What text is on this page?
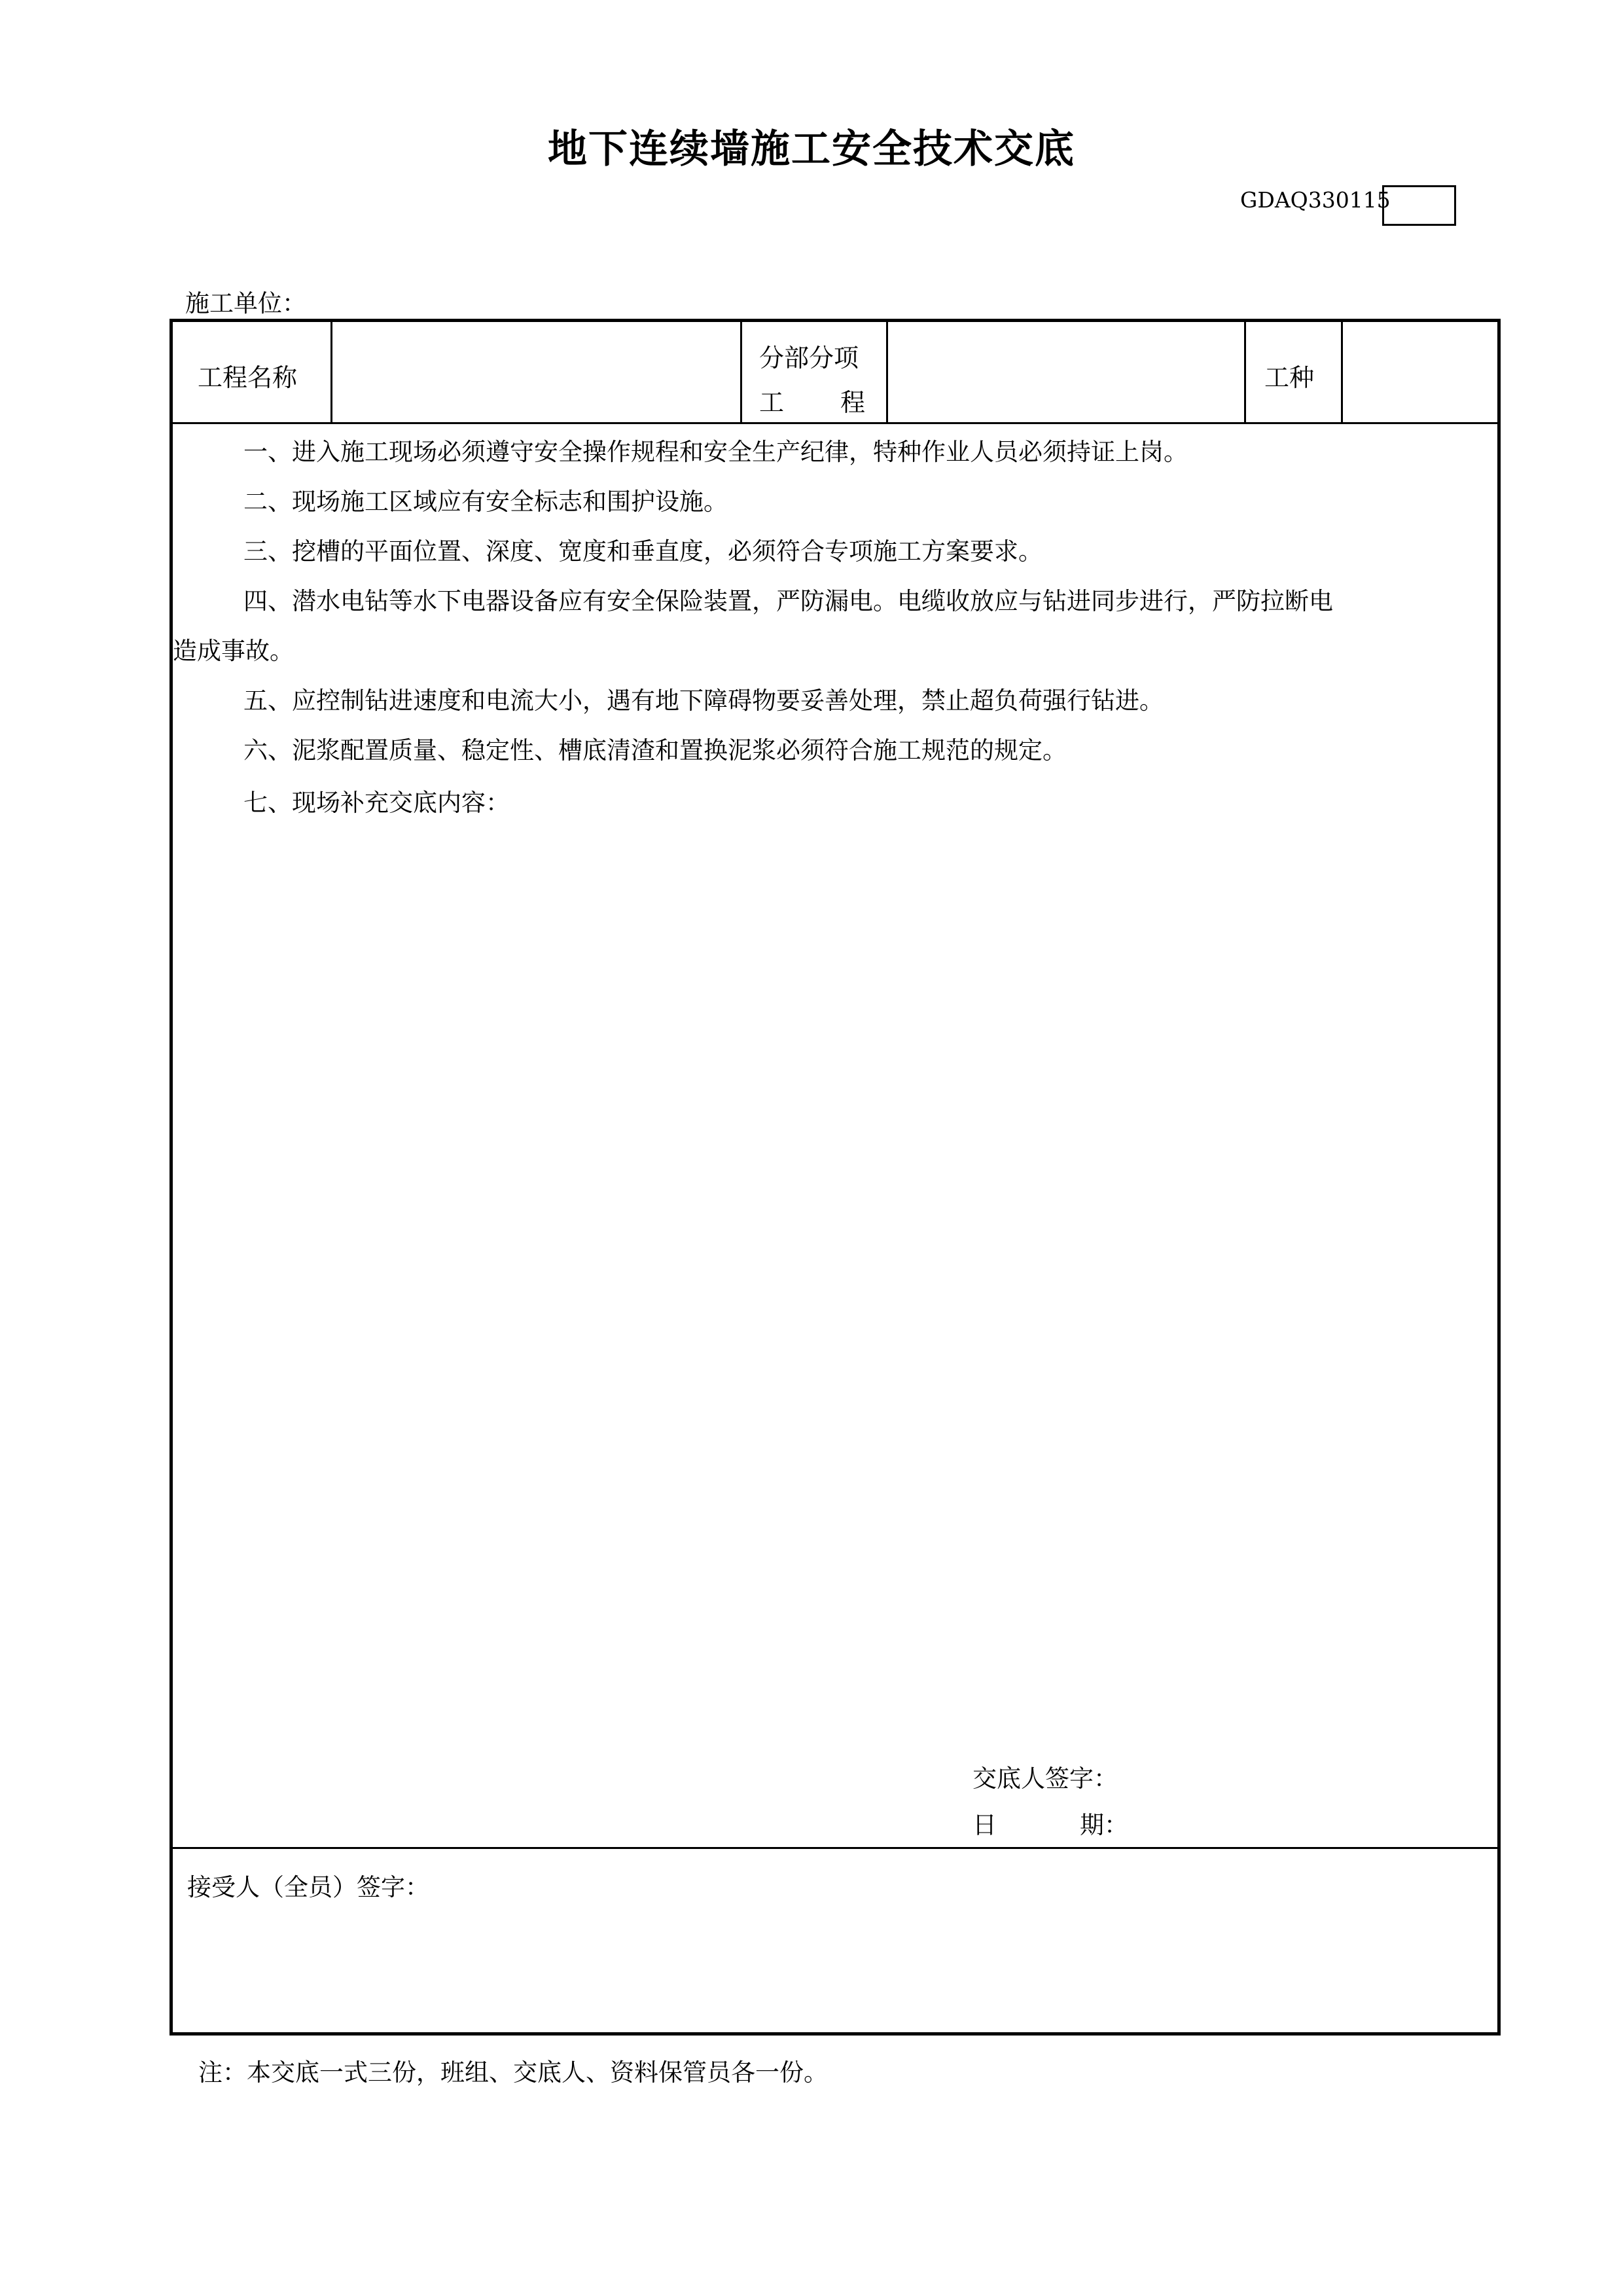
地下连续墙施工安全技术交底
GDAQ330115
施工单位：
工程名称
分部分项
工 程
工种
一、进入施工现场必须遵守安全操作规程和安全生产纪律，特种作业人员必须持证上岗。
二、现场施工区域应有安全标志和围护设施。
三、挖槽的平面位置、深度、宽度和垂直度，必须符合专项施工方案要求。
四、潜水电钻等水下电器设备应有安全保险装置，严防漏电。电缆收放应与钻进同步进行，严防拉断电
造成事故。
五、应控制钻进速度和电流大小，遇有地下障碍物要妥善处理，禁止超负荷强行钻进。
六、泥浆配置质量、稳定性、槽底清渣和置换泥浆必须符合施工规范的规定。
七、现场补充交底内容：
交底人签字：
日	期：
接受人（全员）签字：
注：本交底一式三份，班组、交底人、资料保管员各一份。
